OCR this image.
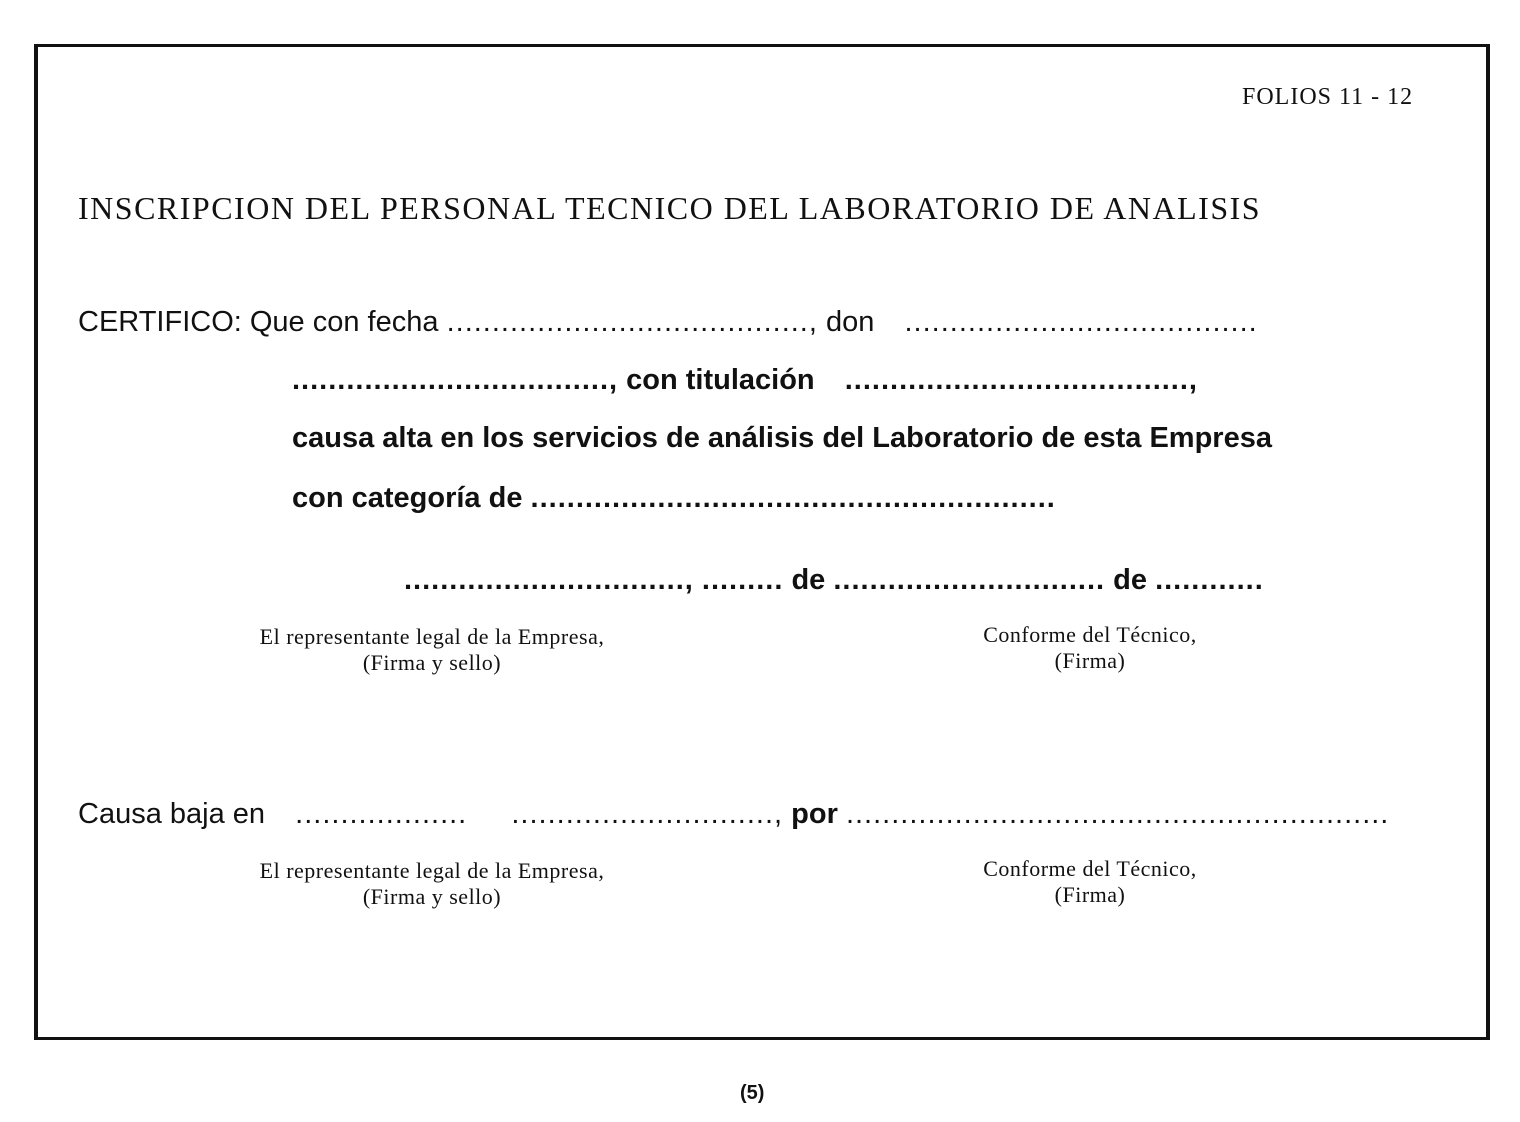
FOLIOS 11 - 12
INSCRIPCION DEL PERSONAL TECNICO DEL LABORATORIO DE ANALISIS
CERTIFICO: Que con fecha ........................................, don .......................................
..................................., con titulación ......................................,
causa alta en los servicios de análisis del Laboratorio de esta Empresa
con categoría de ..........................................................
..............................., ......... de .............................. de ............
El representante legal de la Empresa,
(Firma y sello)
Conforme del Técnico,
(Firma)
Causa baja en ................... ............................., por ............................................................
El representante legal de la Empresa,
(Firma y sello)
Conforme del Técnico,
(Firma)
(5)
